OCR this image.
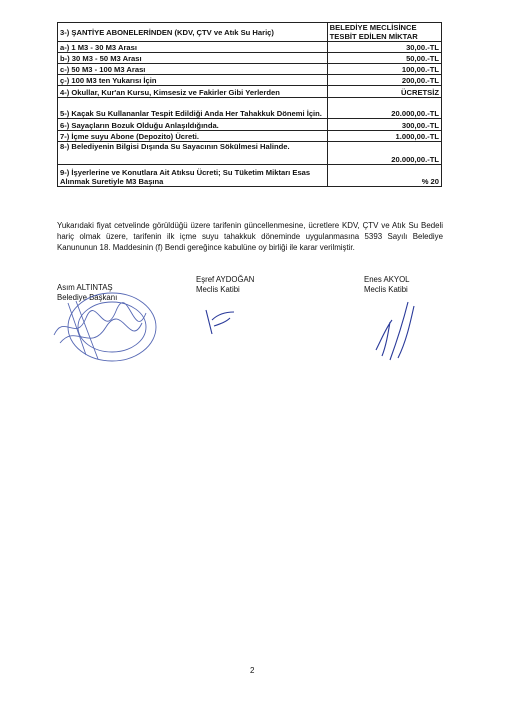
3-) ŞANTİYE ABONELERİNDEN (KDV, ÇTV ve Atık Su Hariç)	BELEDİYE MECLİSİNCE TESBİT EDİLEN MİKTAR
a-) 1 M3 - 30 M3 Arası	30,00.-TL
b-) 30 M3 - 50 M3 Arası	50,00.-TL
c-) 50 M3 - 100 M3 Arası	100,00.-TL
ç-) 100 M3 ten Yukarısı İçin	200,00.-TL
4-) Okullar, Kur'an Kursu, Kimsesiz ve Fakirler Gibi Yerlerden	ÜCRETSİZ
5-) Kaçak Su Kullananlar Tespit Edildiği Anda Her Tahakkuk Dönemi İçin.	20.000,00.-TL
6-) Sayaçların Bozuk Olduğu Anlaşıldığında.	300,00.-TL
7-) İçme suyu Abone (Depozito) Ücreti.	1.000,00.-TL
8-) Belediyenin Bilgisi Dışında Su Sayacının Sökülmesi Halinde.	20.000,00.-TL
9-) İşyerlerine ve Konutlara Ait Atıksu Ücreti; Su Tüketim Miktarı Esas Alınmak Suretiyle M3 Başına	% 20
Yukarıdaki fiyat cetvelinde görüldüğü üzere tarifenin güncellenmesine, ücretlere KDV, ÇTV ve Atık Su Bedeli hariç olmak üzere, tarifenin ilk içme suyu tahakkuk döneminde uygulanmasına 5393 Sayılı Belediye Kanununun 18. Maddesinin (f) Bendi gereğince kabulüne oy birliği ile karar verilmiştir.
Asım ALTINTAŞ
Belediye Başkanı
Eşref AYDOĞAN
Meclis Katibi
Enes AKYOL
Meclis Katibi
2
